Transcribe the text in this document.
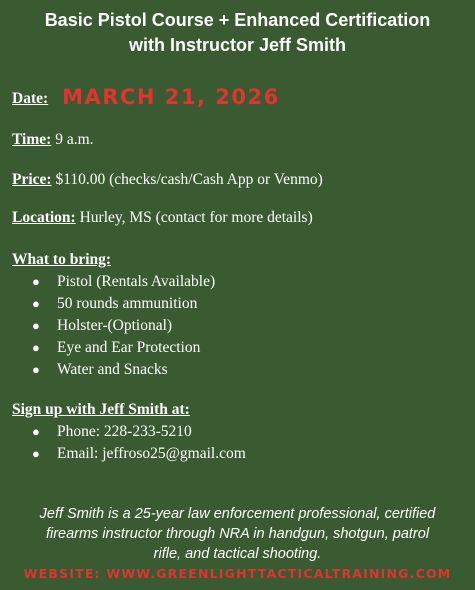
Basic Pistol Course + Enhanced Certification
with Instructor Jeff Smith
Date: MARCH 21, 2026
Time: 9 a.m.
Price: $110.00 (checks/cash/Cash App or Venmo)
Location: Hurley, MS (contact for more details)
What to bring:
● Pistol (Rentals Available)
● 50 rounds ammunition
● Holster-(Optional)
● Eye and Ear Protection
● Water and Snacks
Sign up with Jeff Smith at:
● Phone: 228-233-5210
● Email: jeffroso25@gmail.com
Jeff Smith is a 25-year law enforcement professional, certified
firearms instructor through NRA in handgun, shotgun, patrol
rifle, and tactical shooting.
WEBSITE: WWW.GREENLIGHTTACTICALTRAINING.COM
